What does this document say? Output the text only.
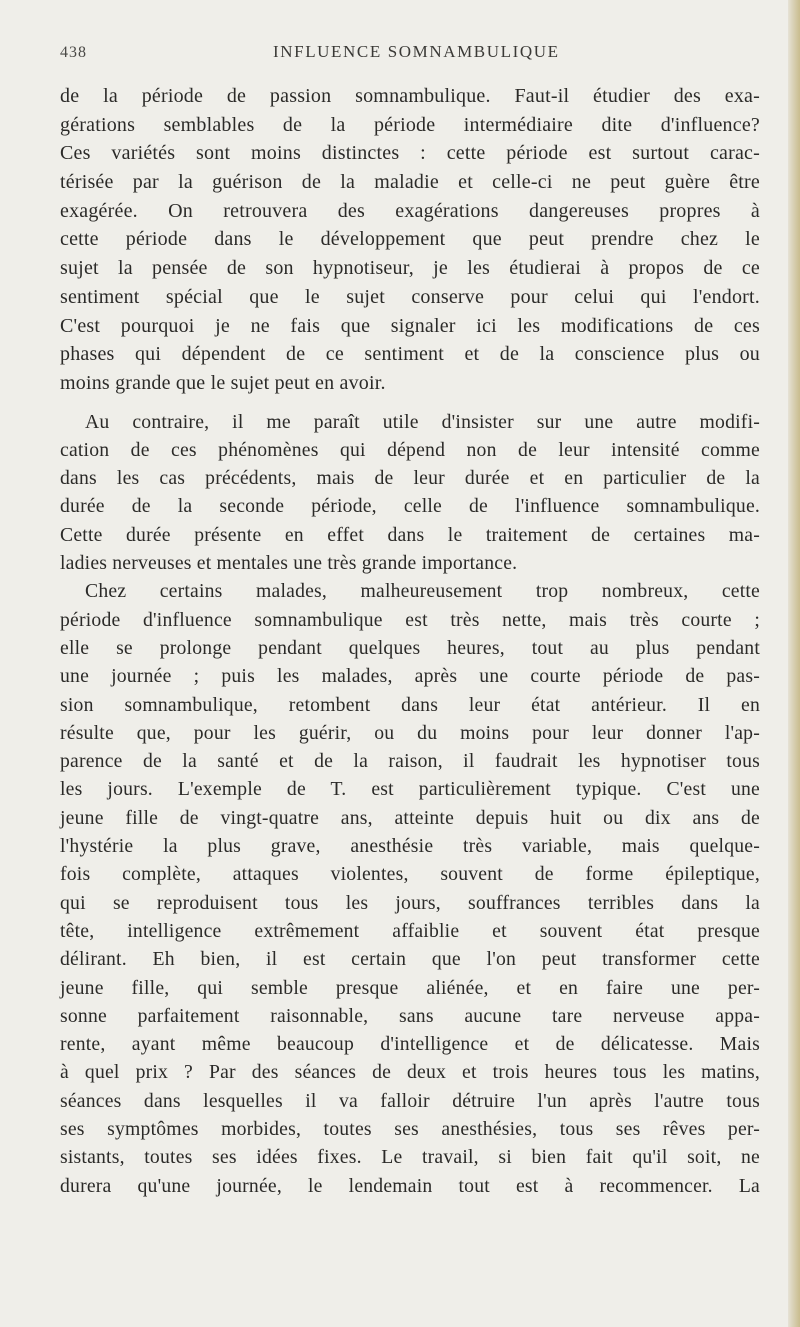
438	INFLUENCE SOMNAMBULIQUE
de la période de passion somnambulique. Faut-il étudier des exa-
gérations semblables de la période intermédiaire dite d'influence?
Ces variétés sont moins distinctes : cette période est surtout carac-
térisée par la guérison de la maladie et celle-ci ne peut guère être
exagérée. On retrouvera des exagérations dangereuses propres à
cette période dans le développement que peut prendre chez le
sujet la pensée de son hypnotiseur, je les étudierai à propos de ce
sentiment spécial que le sujet conserve pour celui qui l'endort.
C'est pourquoi je ne fais que signaler ici les modifications de ces
phases qui dépendent de ce sentiment et de la conscience plus ou
moins grande que le sujet peut en avoir.
Au contraire, il me paraît utile d'insister sur une autre modifi-
cation de ces phénomènes qui dépend non de leur intensité comme
dans les cas précédents, mais de leur durée et en particulier de la
durée de la seconde période, celle de l'influence somnambulique.
Cette durée présente en effet dans le traitement de certaines ma-
ladies nerveuses et mentales une très grande importance.
Chez certains malades, malheureusement trop nombreux, cette
période d'influence somnambulique est très nette, mais très courte ;
elle se prolonge pendant quelques heures, tout au plus pendant
une journée ; puis les malades, après une courte période de pas-
sion somnambulique, retombent dans leur état antérieur. Il en
résulte que, pour les guérir, ou du moins pour leur donner l'ap-
parence de la santé et de la raison, il faudrait les hypnotiser tous
les jours. L'exemple de T. est particulièrement typique. C'est une
jeune fille de vingt-quatre ans, atteinte depuis huit ou dix ans de
l'hystérie la plus grave, anesthésie très variable, mais quelque-
fois complète, attaques violentes, souvent de forme épileptique,
qui se reproduisent tous les jours, souffrances terribles dans la
tête, intelligence extrêmement affaiblie et souvent état presque
délirant. Eh bien, il est certain que l'on peut transformer cette
jeune fille, qui semble presque aliénée, et en faire une per-
sonne parfaitement raisonnable, sans aucune tare nerveuse appa-
rente, ayant même beaucoup d'intelligence et de délicatesse. Mais
à quel prix ? Par des séances de deux et trois heures tous les matins,
séances dans lesquelles il va falloir détruire l'un après l'autre tous
ses symptômes morbides, toutes ses anesthésies, tous ses rêves per-
sistants, toutes ses idées fixes. Le travail, si bien fait qu'il soit, ne
durera qu'une journée, le lendemain tout est à recommencer. La
